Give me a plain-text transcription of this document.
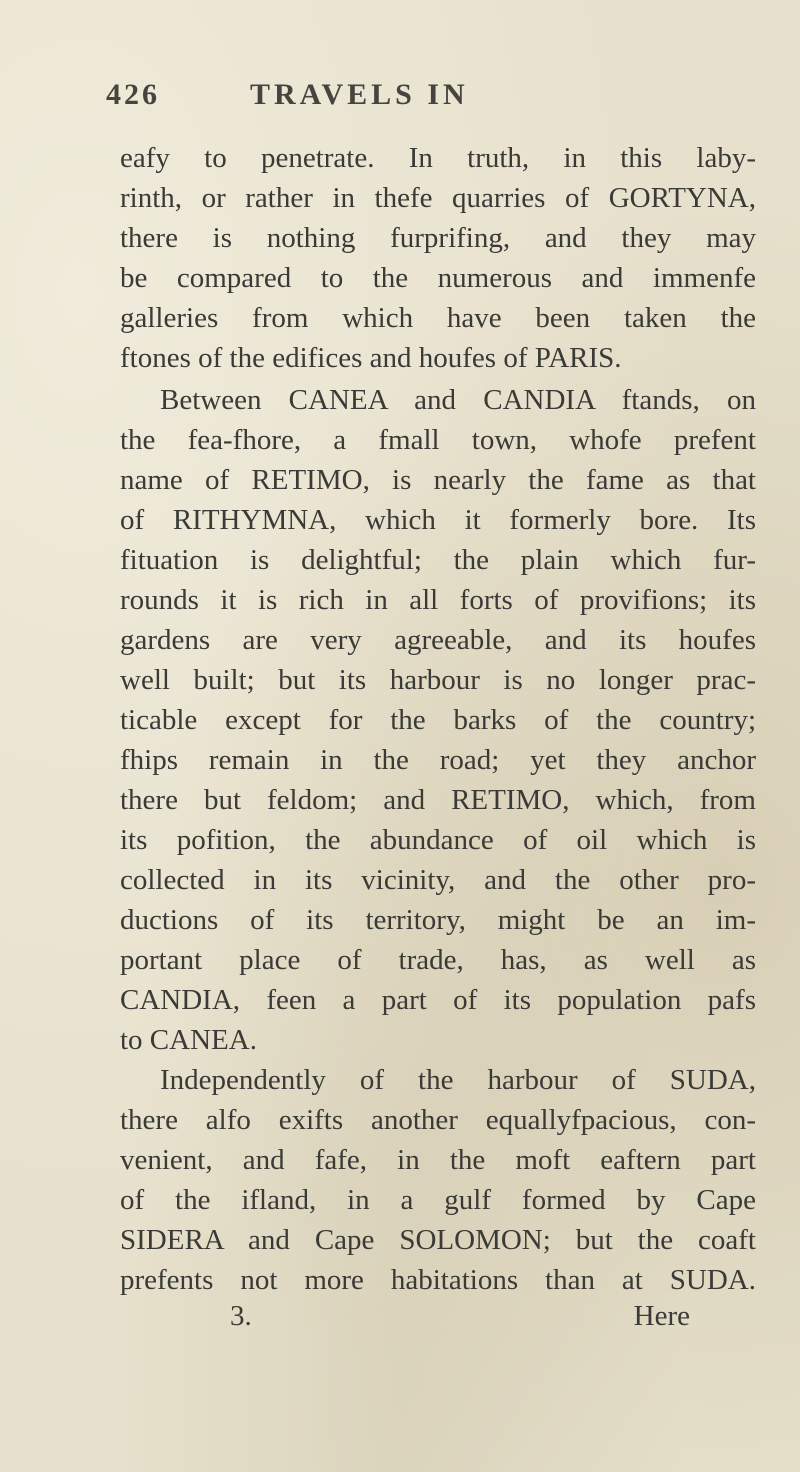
426	TRAVELS IN
eafy to penetrate. In truth, in this laby-
rinth, or rather in thefe quarries of GORTYNA,
there is nothing furprifing, and they may
be compared to the numerous and immenfe
galleries from which have been taken the
ftones of the edifices and houfes of PARIS.
Between CANEA and CANDIA ftands, on
the fea-fhore, a fmall town, whofe prefent
name of RETIMO, is nearly the fame as that
of RITHYMNA, which it formerly bore. Its
fituation is delightful; the plain which fur-
rounds it is rich in all forts of provifions; its
gardens are very agreeable, and its houfes
well built; but its harbour is no longer prac-
ticable except for the barks of the country;
fhips remain in the road; yet they anchor
there but feldom; and RETIMO, which, from
its pofition, the abundance of oil which is
collected in its vicinity, and the other pro-
ductions of its territory, might be an im-
portant place of trade, has, as well as
CANDIA, feen a part of its population pafs
to CANEA.
Independently of the harbour of SUDA,
there alfo exifts another equallyfpacious, con-
venient, and fafe, in the moft eaftern part
of the ifland, in a gulf formed by Cape
SIDERA and Cape SOLOMON; but the coaft
prefents not more habitations than at SUDA.
3.	Here
